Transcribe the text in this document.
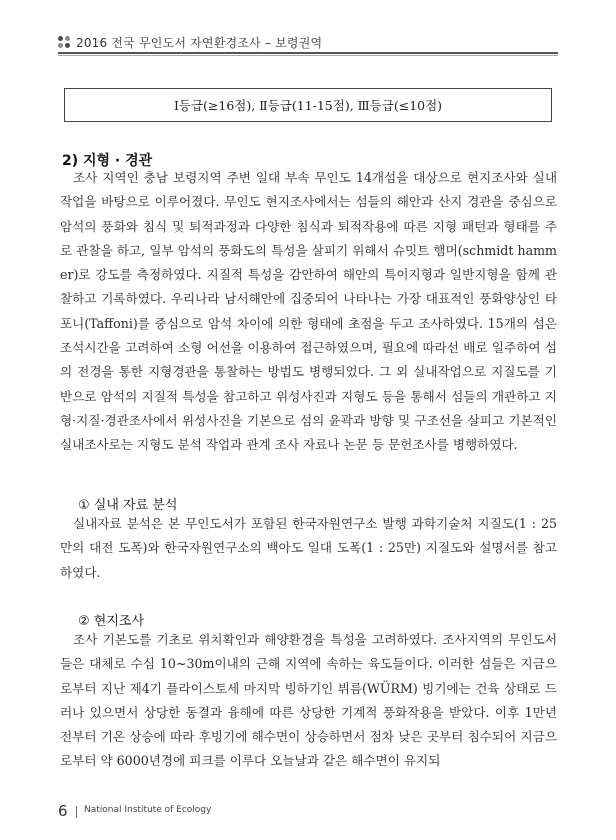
2016 전국 무인도서 자연환경조사 – 보령권역
Ⅰ등급(≥16점), Ⅱ등급(11-15점), Ⅲ등급(≤10점)
2) 지형 · 경관
조사 지역인 충남 보령지역 주변 일대 부속 무인도 14개섬을 대상으로 현지조사와 실내작업을 바탕으로 이루어졌다. 무인도 현지조사에서는 섬들의 해안과 산지 경관을 중심으로 암석의 풍화와 침식 및 퇴적과정과 다양한 침식과 퇴적작용에 따른 지형 패턴과 형태를 주로 관찰을 하고, 일부 암석의 풍화도의 특성을 살피기 위해서 슈밋트 햄머(schmidt hammer)로 강도를 측정하였다. 지질적 특성을 감안하여 해안의 특이지형과 일반지형을 함께 관찰하고 기록하였다. 우리나라 남서해안에 집중되어 나타나는 가장 대표적인 풍화양상인 타포니(Taffoni)를 중심으로 암석 차이에 의한 형태에 초점을 두고 조사하였다. 15개의 섬은 조석시간을 고려하여 소형 어선을 이용하여 접근하였으며, 필요에 따라선 배로 일주하여 섬의 전경을 통한 지형경관을 통찰하는 방법도 병행되었다. 그 외 실내작업으로 지질도를 기반으로 암석의 지질적 특성을 참고하고 위성사진과 지형도 등을 통해서 섬들의 개관하고 지형·지질·경관조사에서 위성사진을 기본으로 섬의 윤곽과 방향 및 구조선을 살피고 기본적인 실내조사로는 지형도 분석 작업과 관계 조사 자료나 논문 등 문헌조사를 병행하였다.
① 실내 자료 분석
실내자료 분석은 본 무인도서가 포함된 한국자원연구소 발행 과학기술처 지질도(1 : 25만의 대전 도폭)와 한국자원연구소의 백아도 일대 도폭(1 : 25만) 지질도와 설명서를 참고하였다.
② 현지조사
조사 기본도를 기초로 위치확인과 해양환경을 특성을 고려하였다. 조사지역의 무인도서들은 대체로 수심 10~30m이내의 근해 지역에 속하는 육도들이다. 이러한 섬들은 지금으로부터 지난 제4기 플라이스토세 마지막 빙하기인 뷔름(WÜRM) 빙기에는 건육 상태로 드러나 있으면서 상당한 동결과 융해에 따른 상당한 기계적 풍화작용을 받았다. 이후 1만년 전부터 기온 상승에 따라 후빙기에 해수면이 상승하면서 점차 낮은 곳부터 침수되어 지금으로부터 약 6000년경에 피크를 이루다 오늘날과 같은 해수면이 유지되
6 National Institute of Ecology
